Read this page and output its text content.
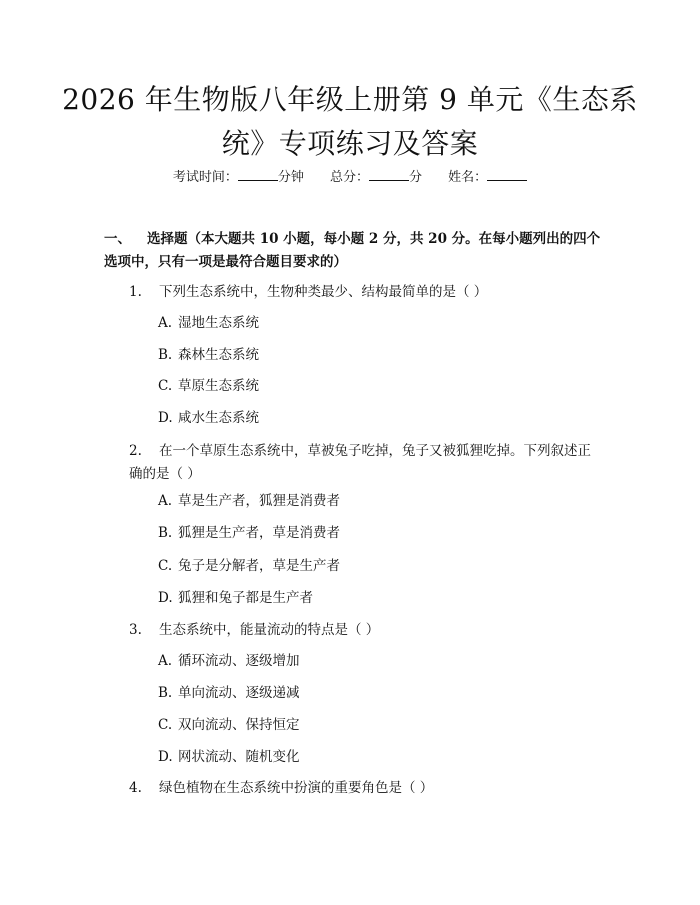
2026 年生物版八年级上册第 9 单元《生态系
统》专项练习及答案
考试时间：	分钟 总分：	分 姓名：
一、 选择题（本大题共 10 小题，每小题 2 分，共 20 分。在每小题列出的四个选项中，只有一项是最符合题目要求的）
1. 下列生态系统中，生物种类最少、结构最简单的是（ ）
A. 湿地生态系统
B. 森林生态系统
C. 草原生态系统
D. 咸水生态系统
2. 在一个草原生态系统中，草被兔子吃掉，兔子又被狐狸吃掉。下列叙述正确的是（ ）
A. 草是生产者，狐狸是消费者
B. 狐狸是生产者，草是消费者
C. 兔子是分解者，草是生产者
D. 狐狸和兔子都是生产者
3. 生态系统中，能量流动的特点是（ ）
A. 循环流动、逐级增加
B. 单向流动、逐级递减
C. 双向流动、保持恒定
D. 网状流动、随机变化
4. 绿色植物在生态系统中扮演的重要角色是（ ）
